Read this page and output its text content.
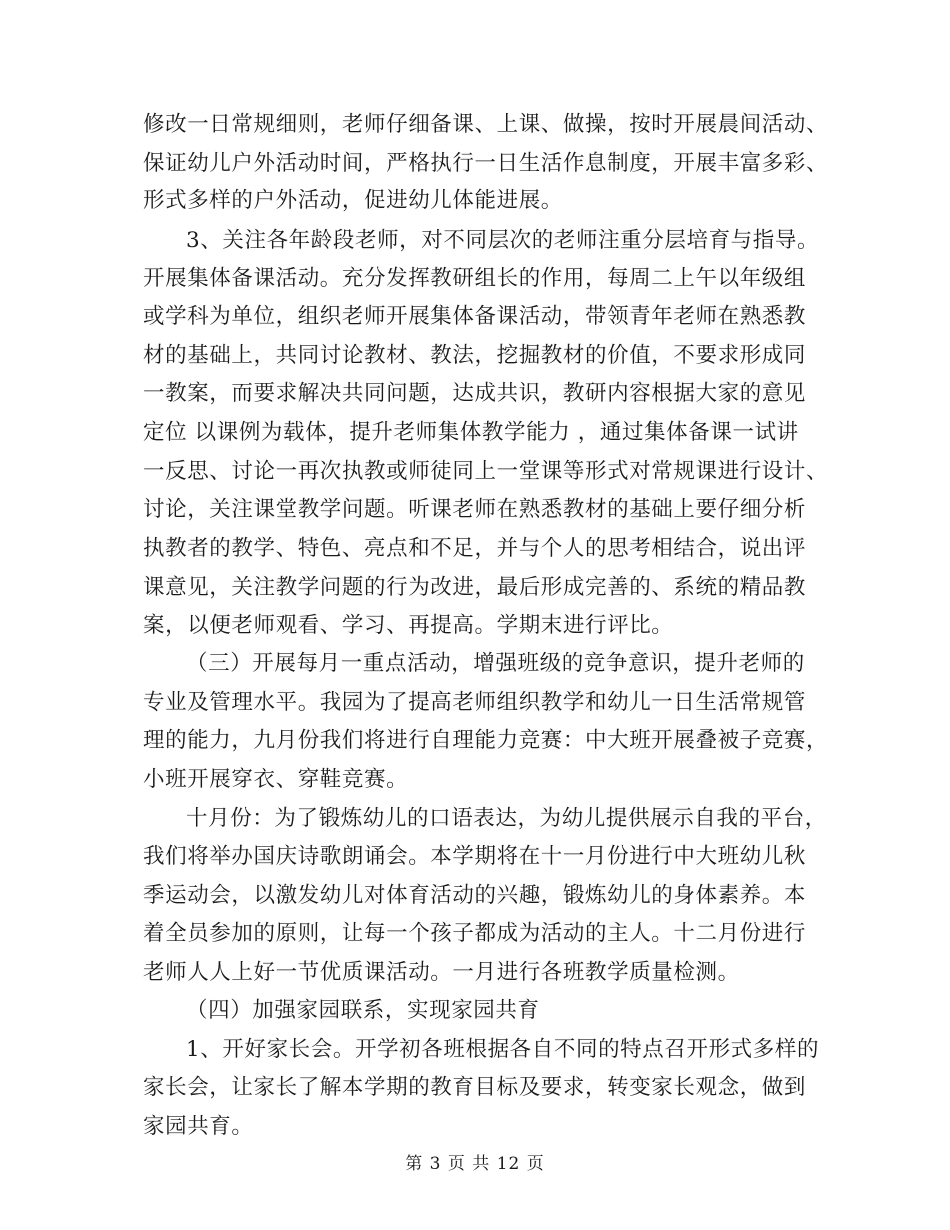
修改一日常规细则，老师仔细备课、上课、做操，按时开展晨间活动、
保证幼儿户外活动时间，严格执行一日生活作息制度，开展丰富多彩、
形式多样的户外活动，促进幼儿体能进展。
3、关注各年龄段老师，对不同层次的老师注重分层培育与指导。
开展集体备课活动。充分发挥教研组长的作用，每周二上午以年级组
或学科为单位，组织老师开展集体备课活动，带领青年老师在熟悉教
材的基础上，共同讨论教材、教法，挖掘教材的价值，不要求形成同
一教案，而要求解决共同问题，达成共识，教研内容根据大家的意见
定位 以课例为载体，提升老师集体教学能力 ，通过集体备课一试讲
一反思、讨论一再次执教或师徒同上一堂课等形式对常规课进行设计、
讨论，关注课堂教学问题。听课老师在熟悉教材的基础上要仔细分析
执教者的教学、特色、亮点和不足，并与个人的思考相结合，说出评
课意见，关注教学问题的行为改进，最后形成完善的、系统的精品教
案，以便老师观看、学习、再提高。学期末进行评比。
（三）开展每月一重点活动，增强班级的竞争意识，提升老师的
专业及管理水平。我园为了提高老师组织教学和幼儿一日生活常规管
理的能力，九月份我们将进行自理能力竞赛：中大班开展叠被子竞赛，
小班开展穿衣、穿鞋竞赛。
十月份：为了锻炼幼儿的口语表达，为幼儿提供展示自我的平台，
我们将举办国庆诗歌朗诵会。本学期将在十一月份进行中大班幼儿秋
季运动会，以激发幼儿对体育活动的兴趣，锻炼幼儿的身体素养。本
着全员参加的原则，让每一个孩子都成为活动的主人。十二月份进行
老师人人上好一节优质课活动。一月进行各班教学质量检测。
（四）加强家园联系，实现家园共育
1、开好家长会。开学初各班根据各自不同的特点召开形式多样的
家长会，让家长了解本学期的教育目标及要求，转变家长观念，做到
家园共育。
第 3 页 共 12 页
